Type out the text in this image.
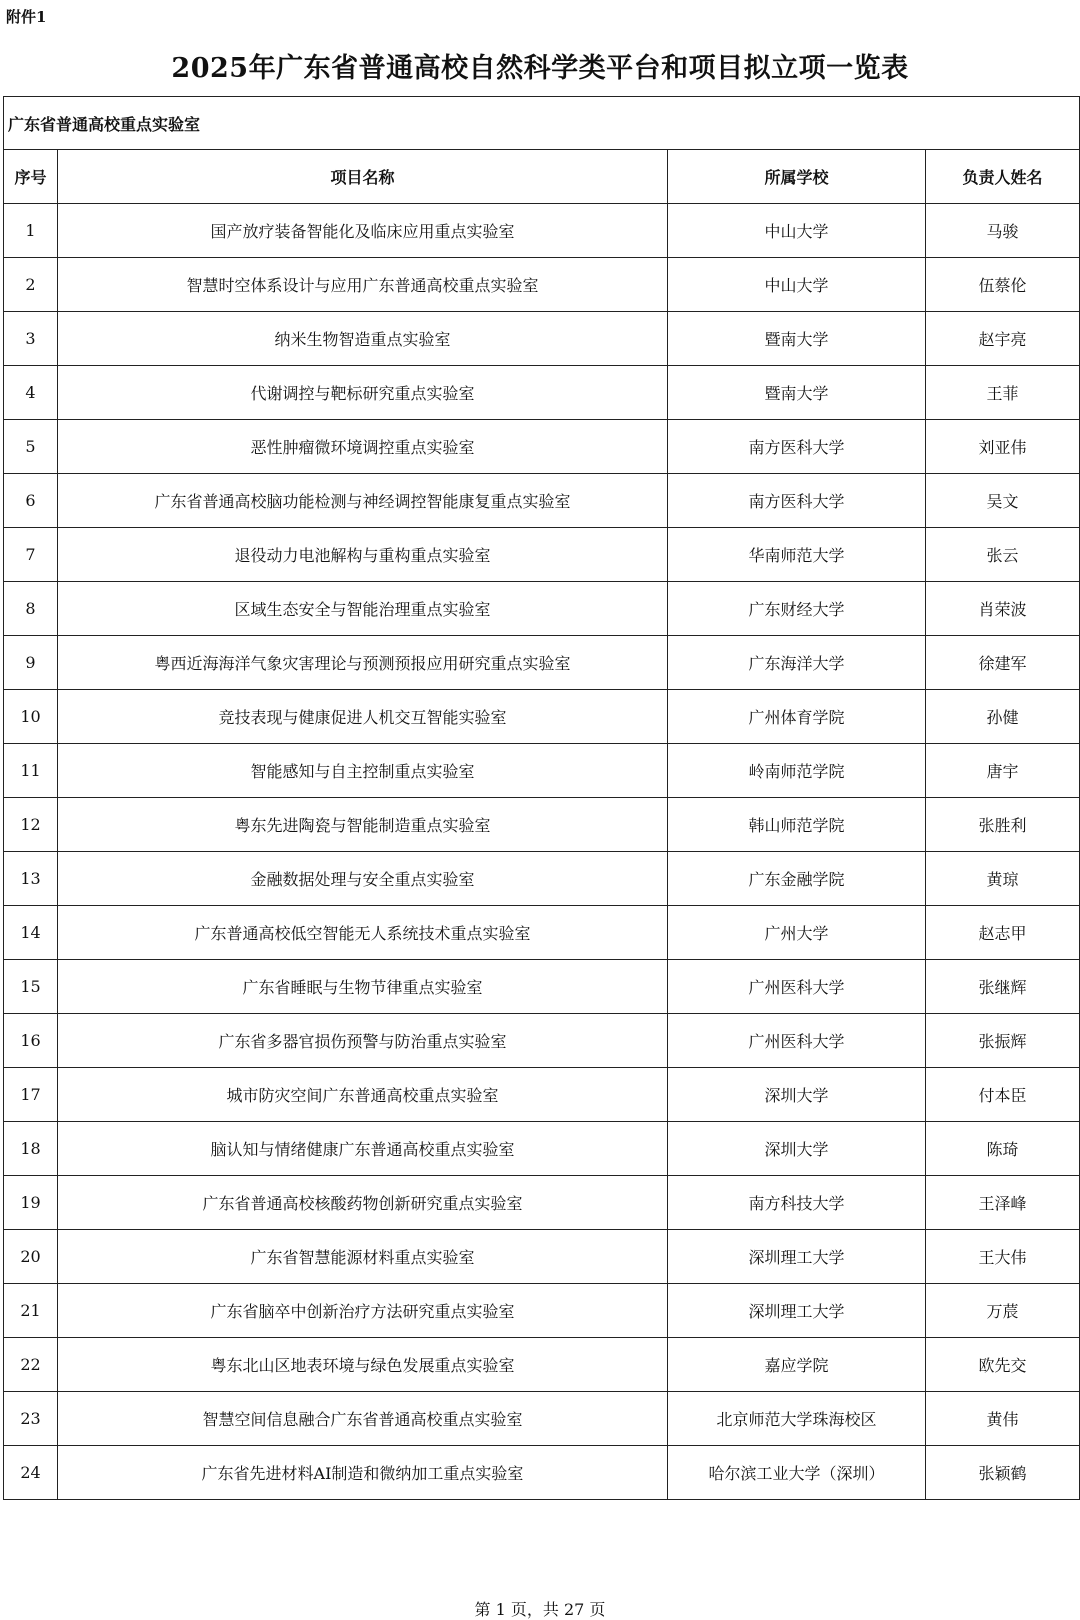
附件1
2025年广东省普通高校自然科学类平台和项目拟立项一览表
广东省普通高校重点实验室			
序号	项目名称	所属学校	负责人姓名
1	国产放疗装备智能化及临床应用重点实验室	中山大学	马骏
2	智慧时空体系设计与应用广东普通高校重点实验室	中山大学	伍蔡伦
3	纳米生物智造重点实验室	暨南大学	赵宇亮
4	代谢调控与靶标研究重点实验室	暨南大学	王菲
5	恶性肿瘤微环境调控重点实验室	南方医科大学	刘亚伟
6	广东省普通高校脑功能检测与神经调控智能康复重点实验室	南方医科大学	吴文
7	退役动力电池解构与重构重点实验室	华南师范大学	张云
8	区域生态安全与智能治理重点实验室	广东财经大学	肖荣波
9	粤西近海海洋气象灾害理论与预测预报应用研究重点实验室	广东海洋大学	徐建军
10	竞技表现与健康促进人机交互智能实验室	广州体育学院	孙健
11	智能感知与自主控制重点实验室	岭南师范学院	唐宇
12	粤东先进陶瓷与智能制造重点实验室	韩山师范学院	张胜利
13	金融数据处理与安全重点实验室	广东金融学院	黄琼
14	广东普通高校低空智能无人系统技术重点实验室	广州大学	赵志甲
15	广东省睡眠与生物节律重点实验室	广州医科大学	张继辉
16	广东省多器官损伤预警与防治重点实验室	广州医科大学	张振辉
17	城市防灾空间广东普通高校重点实验室	深圳大学	付本臣
18	脑认知与情绪健康广东普通高校重点实验室	深圳大学	陈琦
19	广东省普通高校核酸药物创新研究重点实验室	南方科技大学	王泽峰
20	广东省智慧能源材料重点实验室	深圳理工大学	王大伟
21	广东省脑卒中创新治疗方法研究重点实验室	深圳理工大学	万莀
22	粤东北山区地表环境与绿色发展重点实验室	嘉应学院	欧先交
23	智慧空间信息融合广东省普通高校重点实验室	北京师范大学珠海校区	黄伟
24	广东省先进材料AI制造和微纳加工重点实验室	哈尔滨工业大学（深圳）	张颖鹤
第 1 页，共 27 页
